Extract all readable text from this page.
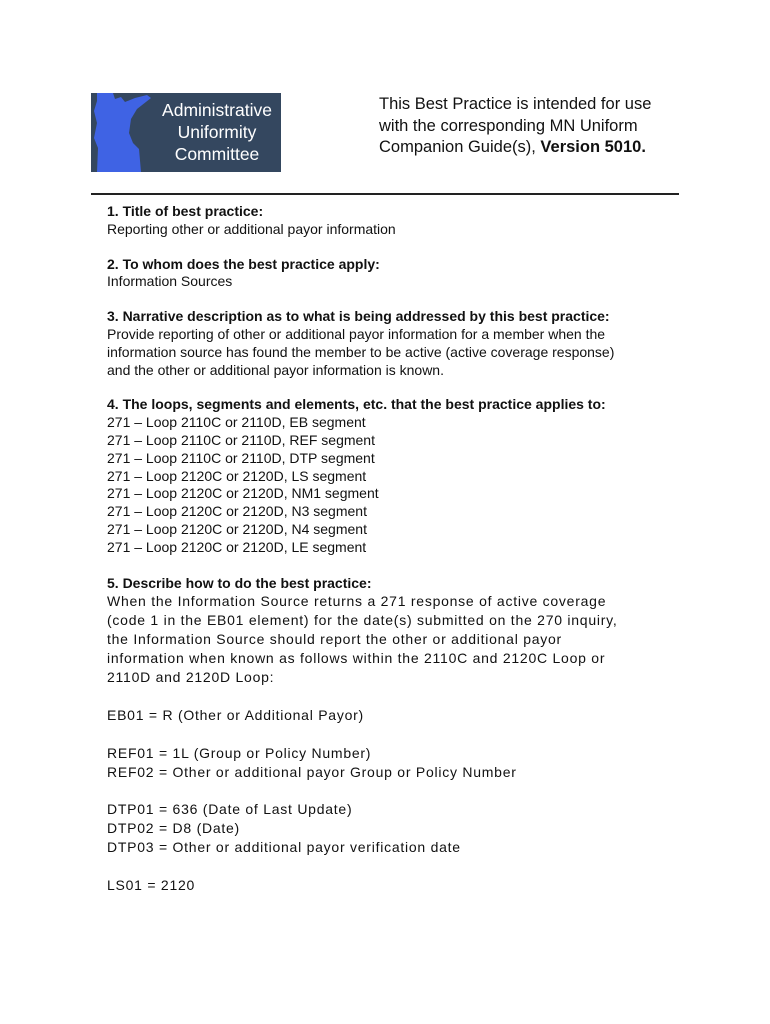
Administrative
Uniformity
Committee
This Best Practice is intended for use
with the corresponding MN Uniform
Companion Guide(s), Version 5010.
1. Title of best practice:
Reporting other or additional payor information
2. To whom does the best practice apply:
Information Sources
3. Narrative description as to what is being addressed by this best practice:
Provide reporting of other or additional payor information for a member when the
information source has found the member to be active (active coverage response)
and the other or additional payor information is known.
4. The loops, segments and elements, etc. that the best practice applies to:
271 – Loop 2110C or 2110D, EB segment
271 – Loop 2110C or 2110D, REF segment
271 – Loop 2110C or 2110D, DTP segment
271 – Loop 2120C or 2120D, LS segment
271 – Loop 2120C or 2120D, NM1 segment
271 – Loop 2120C or 2120D, N3 segment
271 – Loop 2120C or 2120D, N4 segment
271 – Loop 2120C or 2120D, LE segment
5. Describe how to do the best practice:
When the Information Source returns a 271 response of active coverage
(code 1 in the EB01 element) for the date(s) submitted on the 270 inquiry,
the Information Source should report the other or additional payor
information when known as follows within the 2110C and 2120C Loop or
2110D and 2120D Loop:
EB01 = R (Other or Additional Payor)
REF01 = 1L (Group or Policy Number)
REF02 = Other or additional payor Group or Policy Number
DTP01 = 636 (Date of Last Update)
DTP02 = D8 (Date)
DTP03 = Other or additional payor verification date
LS01 = 2120
